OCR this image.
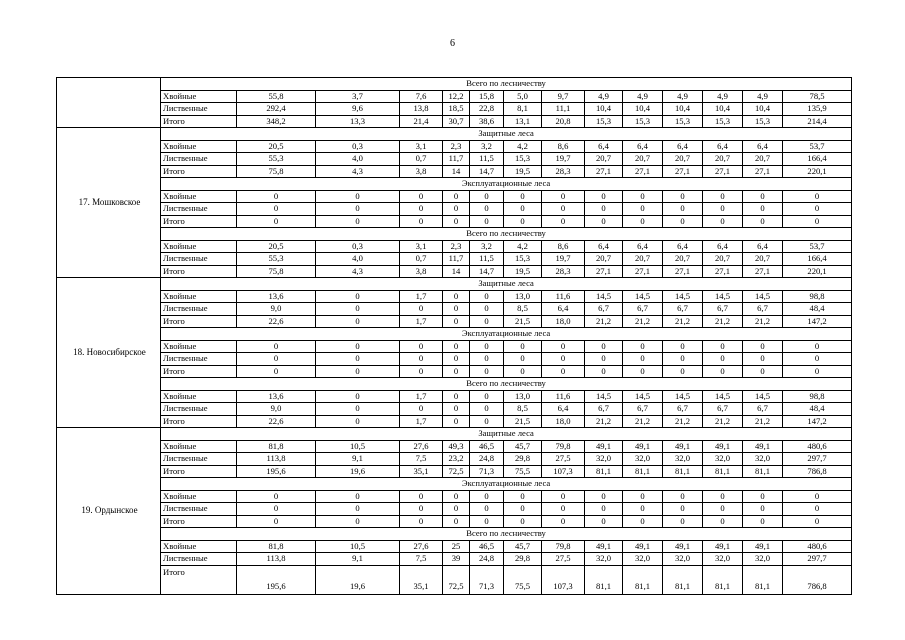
6
	Всего по лесничеству													
	Хвойные	55,8	3,7	7,6	12,2	15,8	5,0	9,7	4,9	4,9	4,9	4,9	4,9	78,5
	Лиственные	292,4	9,6	13,8	18,5	22,8	8,1	11,1	10,4	10,4	10,4	10,4	10,4	135,9
	Итого	348,2	13,3	21,4	30,7	38,6	13,1	20,8	15,3	15,3	15,3	15,3	15,3	214,4
17. Мошковское	Защитные леса													
	Хвойные	20,5	0,3	3,1	2,3	3,2	4,2	8,6	6,4	6,4	6,4	6,4	6,4	53,7
	Лиственные	55,3	4,0	0,7	11,7	11,5	15,3	19,7	20,7	20,7	20,7	20,7	20,7	166,4
	Итого	75,8	4,3	3,8	14	14,7	19,5	28,3	27,1	27,1	27,1	27,1	27,1	220,1
	Эксплуатационные леса													
	Хвойные	0	0	0	0	0	0	0	0	0	0	0	0	0
	Лиственные	0	0	0	0	0	0	0	0	0	0	0	0	0
	Итого	0	0	0	0	0	0	0	0	0	0	0	0	0
	Всего по лесничеству													
	Хвойные	20,5	0,3	3,1	2,3	3,2	4,2	8,6	6,4	6,4	6,4	6,4	6,4	53,7
	Лиственные	55,3	4,0	0,7	11,7	11,5	15,3	19,7	20,7	20,7	20,7	20,7	20,7	166,4
	Итого	75,8	4,3	3,8	14	14,7	19,5	28,3	27,1	27,1	27,1	27,1	27,1	220,1
18. Новосибирское	Защитные леса													
	Хвойные	13,6	0	1,7	0	0	13,0	11,6	14,5	14,5	14,5	14,5	14,5	98,8
	Лиственные	9,0	0	0	0	0	8,5	6,4	6,7	6,7	6,7	6,7	6,7	48,4
	Итого	22,6	0	1,7	0	0	21,5	18,0	21,2	21,2	21,2	21,2	21,2	147,2
	Эксплуатационные леса													
	Хвойные	0	0	0	0	0	0	0	0	0	0	0	0	0
	Лиственные	0	0	0	0	0	0	0	0	0	0	0	0	0
	Итого	0	0	0	0	0	0	0	0	0	0	0	0	0
	Всего по лесничеству													
	Хвойные	13,6	0	1,7	0	0	13,0	11,6	14,5	14,5	14,5	14,5	14,5	98,8
	Лиственные	9,0	0	0	0	0	8,5	6,4	6,7	6,7	6,7	6,7	6,7	48,4
	Итого	22,6	0	1,7	0	0	21,5	18,0	21,2	21,2	21,2	21,2	21,2	147,2
19. Ордынское	Защитные леса													
	Хвойные	81,8	10,5	27,6	49,3	46,5	45,7	79,8	49,1	49,1	49,1	49,1	49,1	480,6
	Лиственные	113,8	9,1	7,5	23,2	24,8	29,8	27,5	32,0	32,0	32,0	32,0	32,0	297,7
	Итого	195,6	19,6	35,1	72,5	71,3	75,5	107,3	81,1	81,1	81,1	81,1	81,1	786,8
	Эксплуатационные леса													
	Хвойные	0	0	0	0	0	0	0	0	0	0	0	0	0
	Лиственные	0	0	0	0	0	0	0	0	0	0	0	0	0
	Итого	0	0	0	0	0	0	0	0	0	0	0	0	0
	Всего по лесничеству													
	Хвойные	81,8	10,5	27,6	25	46,5	45,7	79,8	49,1	49,1	49,1	49,1	49,1	480,6
	Лиственные	113,8	9,1	7,5	39	24,8	29,8	27,5	32,0	32,0	32,0	32,0	32,0	297,7
	Итого	195,6	19,6	35,1	72,5	71,3	75,5	107,3	81,1	81,1	81,1	81,1	81,1	786,8
